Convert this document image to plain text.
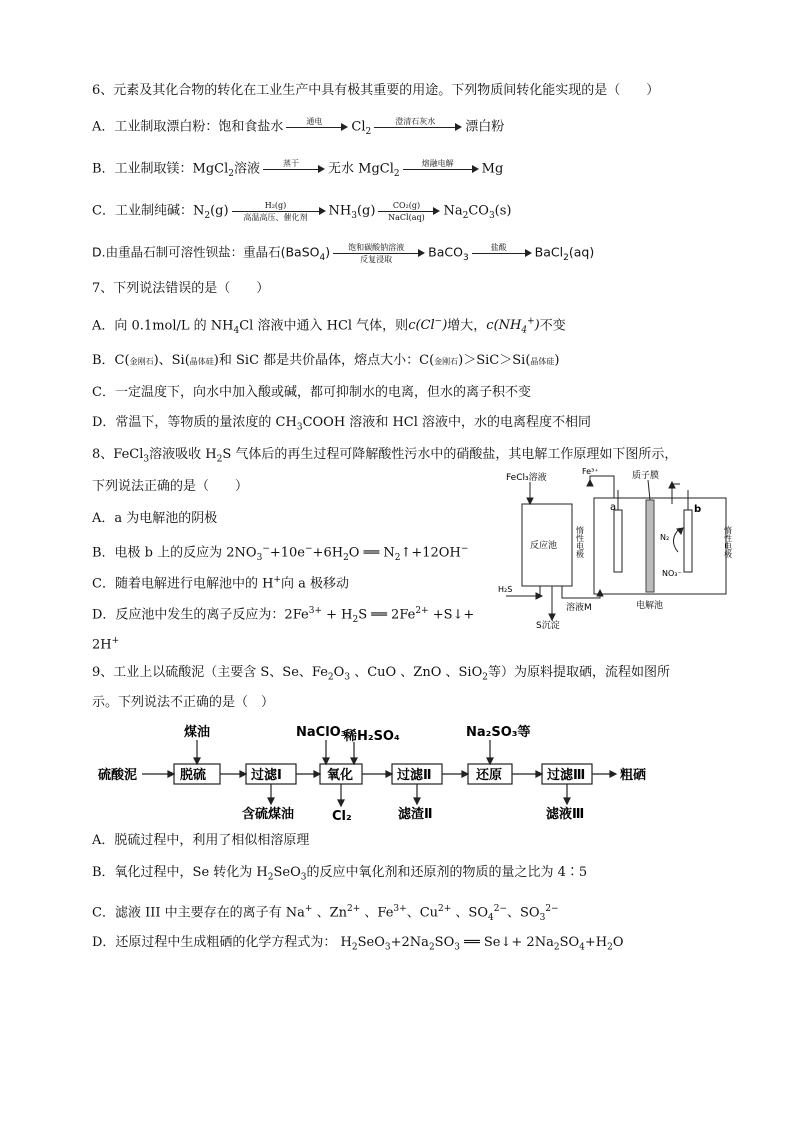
6、元素及其化合物的转化在工业生产中具有极其重要的用途。下列物质间转化能实现的是（　　）
A．工业制取漂白粉：饱和食盐水	通电	$Cl_2$
澄清石灰水	漂白粉
B．工业制取镁：MgCl$_2$溶液	蒸干	无水 MgCl$_2$
熔融电解	Mg
C．工业制纯碱：$N_2(g)$	H₂(g)
高温高压、催化剂	$NH_3(g)$	CO₂(g)
NaCl(aq)	$Na_2CO_3(s)$
D.由重晶石制可溶性钡盐：重晶石(BaSO$_4$)	饱和碳酸钠溶液
反复浸取	BaCO$_3$
盐酸	BaCl$_2$(aq)
7、下列说法错误的是（　　）
A．向 0.1mol/L 的 $NH_4Cl$ 溶液中通入 HCl 气体，则c(Cl−)增大，$c(NH_4^+)$不变
B．C(金刚石)、Si(晶体硅)和 SiC 都是共价晶体，熔点大小：C(金刚石)＞SiC＞Si(晶体硅)
C．一定温度下，向水中加入酸或碱，都可抑制水的电离，但水的离子积不变
D．常温下，等物质的量浓度的 $CH_3COOH$ 溶液和 HCl 溶液中，水的电离程度不相同
8、FeCl$_3$溶液吸收 $H_2S$ 气体后的再生过程可降解酸性污水中的硝酸盐，其电解工作原理如下图所示，
下列说法正确的是（　　）
A．a 为电解池的阴极
B．电极 b 上的反应为 $2NO_3^-+10e^-+6H_2O$ ══ $N_2↑+12OH^-$
C．随着电解进行电解池中的 H+向 a 极移动
D．反应池中发生的离子反应为：$2Fe^{3+} + H_2S$ ══ $2Fe^{2+}$ +S↓+
2H+
FeCl₃溶液
Fe³⁺	质子膜
反应池
a	b
惰性电极	惰性电极
N₂
NO₃⁻
H₂S
溶液M	电解池
S沉淀
9、工业上以硫酸泥（主要含 S、Se、$Fe_2O_3$ 、CuO 、ZnO 、SiO$_2$等）为原料提取硒，流程如图所
示。下列说法不正确的是（　）
硫酸泥	脱硫	过滤Ⅰ	氧化	过滤Ⅱ	还原	过滤Ⅲ	粗硒
煤油	NaClO₃
稀H₂SO₄	Na₂SO₃等
含硫煤油	Cl₂	滤渣Ⅱ	滤液Ⅲ
A．脱硫过程中，利用了相似相溶原理
B．氧化过程中，Se 转化为 $H_2SeO_3$的反应中氧化剂和还原剂的物质的量之比为 4∶5
C．滤液 III 中主要存在的离子有 Na+ 、$Zn^{2+}$ 、$Fe^{3+}$、$Cu^{2+}$ 、$SO_4^{2-}$、$SO_3^{2-}$
D．还原过程中生成粗硒的化学方程式为： $H_2SeO_3+2Na_2SO_3$ ══ Se↓+ $2Na_2SO_4+H_2O$
